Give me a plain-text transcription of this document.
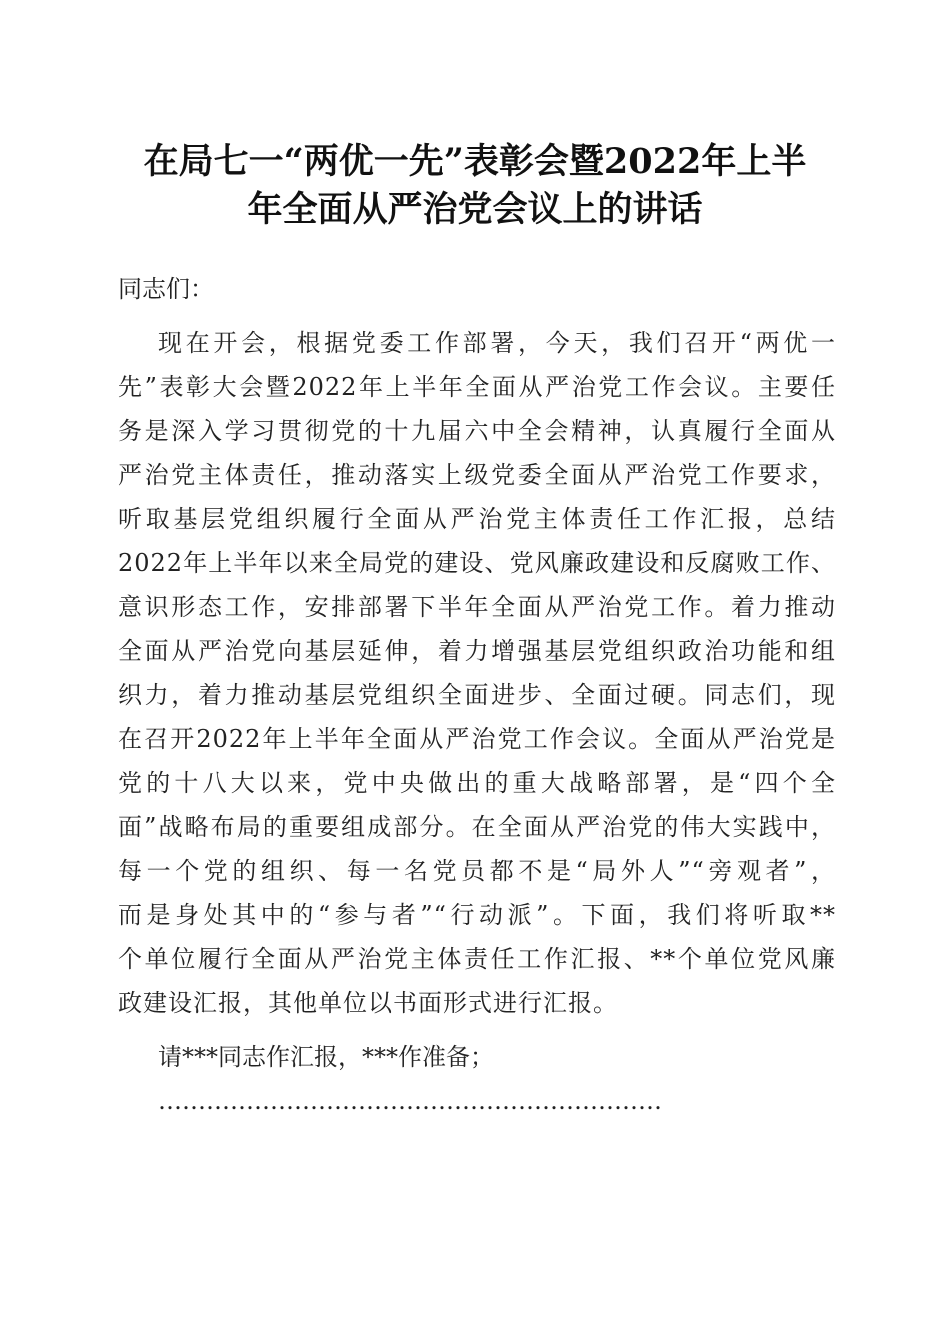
在局七一“两优一先”表彰会暨2022年上半
年全面从严治党会议上的讲话
同志们：
现在开会，根据党委工作部署，今天，我们召开“两优一
先”表彰大会暨2022年上半年全面从严治党工作会议。主要任
务是深入学习贯彻党的十九届六中全会精神，认真履行全面从
严治党主体责任，推动落实上级党委全面从严治党工作要求，
听取基层党组织履行全面从严治党主体责任工作汇报，总结
2022年上半年以来全局党的建设、党风廉政建设和反腐败工作、
意识形态工作，安排部署下半年全面从严治党工作。着力推动
全面从严治党向基层延伸，着力增强基层党组织政治功能和组
织力，着力推动基层党组织全面进步、全面过硬。同志们，现
在召开2022年上半年全面从严治党工作会议。全面从严治党是
党的十八大以来，党中央做出的重大战略部署，是“四个全
面”战略布局的重要组成部分。在全面从严治党的伟大实践中，
每一个党的组织、每一名党员都不是“局外人”“旁观者”，
而是身处其中的“参与者”“行动派”。下面，我们将听取**
个单位履行全面从严治党主体责任工作汇报、**个单位党风廉
政建设汇报，其他单位以书面形式进行汇报。
请***同志作汇报，***作准备；
………………………………………………………
